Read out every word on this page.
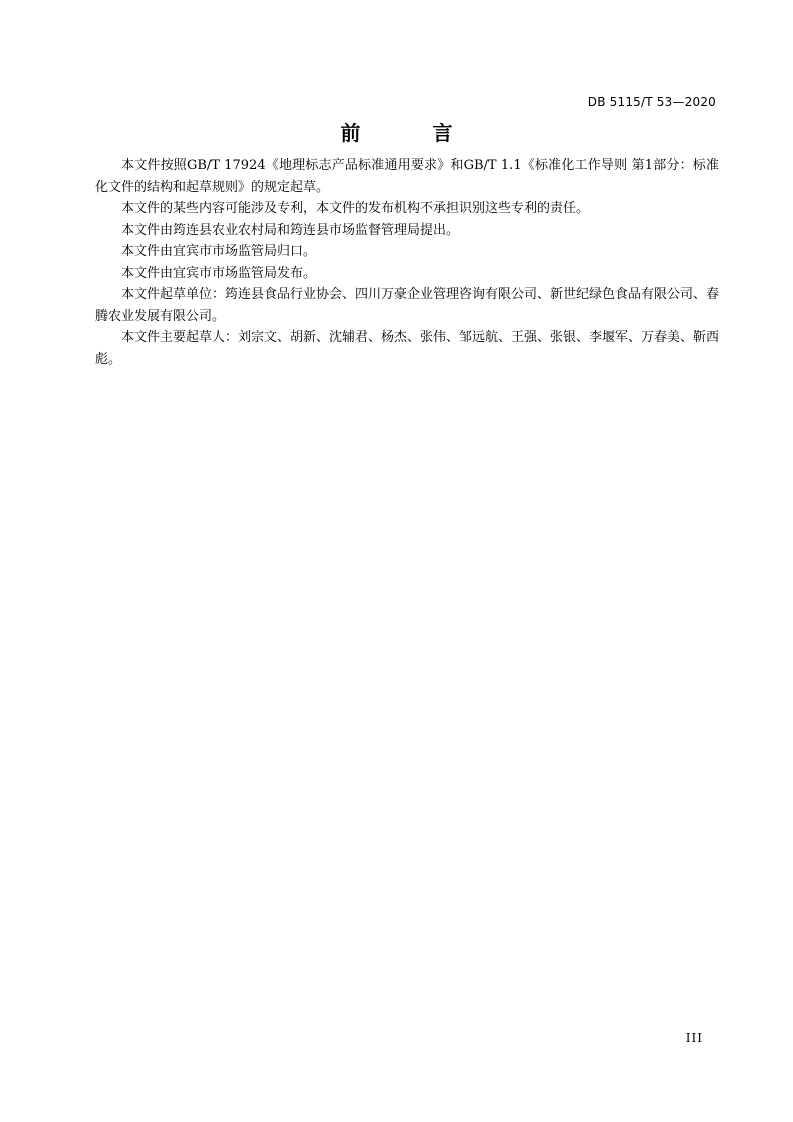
DB 5115/T 53—2020
前　言

本文件按照GB/T 17924《地理标志产品标准通用要求》和GB/T 1.1《标准化工作导则 第1部分：标准化文件的结构和起草规则》的规定起草。

本文件的某些内容可能涉及专利，本文件的发布机构不承担识别这些专利的责任。

本文件由筠连县农业农村局和筠连县市场监督管理局提出。

本文件由宜宾市市场监管局归口。

本文件由宜宾市市场监管局发布。

本文件起草单位：筠连县食品行业协会、四川万豪企业管理咨询有限公司、新世纪绿色食品有限公司、春腾农业发展有限公司。

本文件主要起草人：刘宗文、胡新、沈辅君、杨杰、张伟、邹远航、王强、张银、李堰军、万春美、靳西彪。

III
